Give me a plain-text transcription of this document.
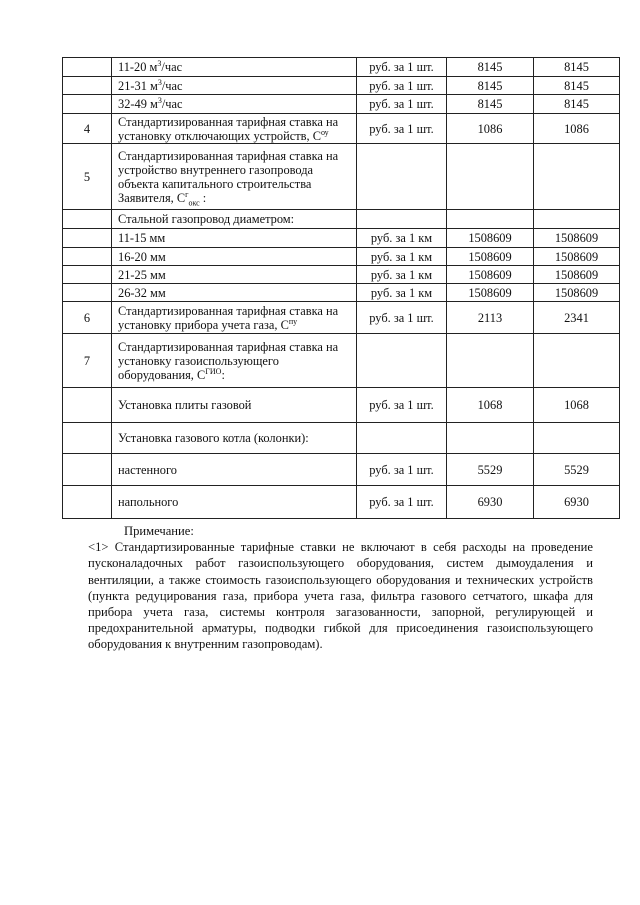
	11-20 $м^3$/час	руб. за 1 шт.	8145	8145
	21-31 $м^3$/час	руб. за 1 шт.	8145	8145
	32-49 $м^3$/час	руб. за 1 шт.	8145	8145
4	Стандартизированная тарифная ставка на установку отключающих устройств, $С^{оу}$	руб. за 1 шт.	1086	1086
5	Стандартизированная тарифная ставка на устройство внутреннего газопровода объекта капитального строительства Заявителя, $С^г_{окс}$ :			
	Стальной газопровод диаметром:			
	11-15 мм	руб. за 1 км	1508609	1508609
	16-20 мм	руб. за 1 км	1508609	1508609
	21-25 мм	руб. за 1 км	1508609	1508609
	26-32 мм	руб. за 1 км	1508609	1508609
6	Стандартизированная тарифная ставка на установку прибора учета газа, $С^{пу}$	руб. за 1 шт.	2113	2341
7	Стандартизированная тарифная ставка на установку газоиспользующего оборудования, $С^{ГИО}$:			
	Установка плиты газовой	руб. за 1 шт.	1068	1068
	Установка газового котла (колонки):			
	настенного	руб. за 1 шт.	5529	5529
	напольного	руб. за 1 шт.	6930	6930
Примечание:
<1> Стандартизированные тарифные ставки не включают в себя расходы на проведение пусконаладочных работ газоиспользующего оборудования, систем дымоудаления и вентиляции, а также стоимость газоиспользующего оборудования и технических устройств (пункта редуцирования газа, прибора учета газа, фильтра газового сетчатого, шкафа для прибора учета газа, системы контроля загазованности, запорной, регулирующей и предохранительной арматуры, подводки гибкой для присоединения газоиспользующего оборудования к внутренним газопроводам).
